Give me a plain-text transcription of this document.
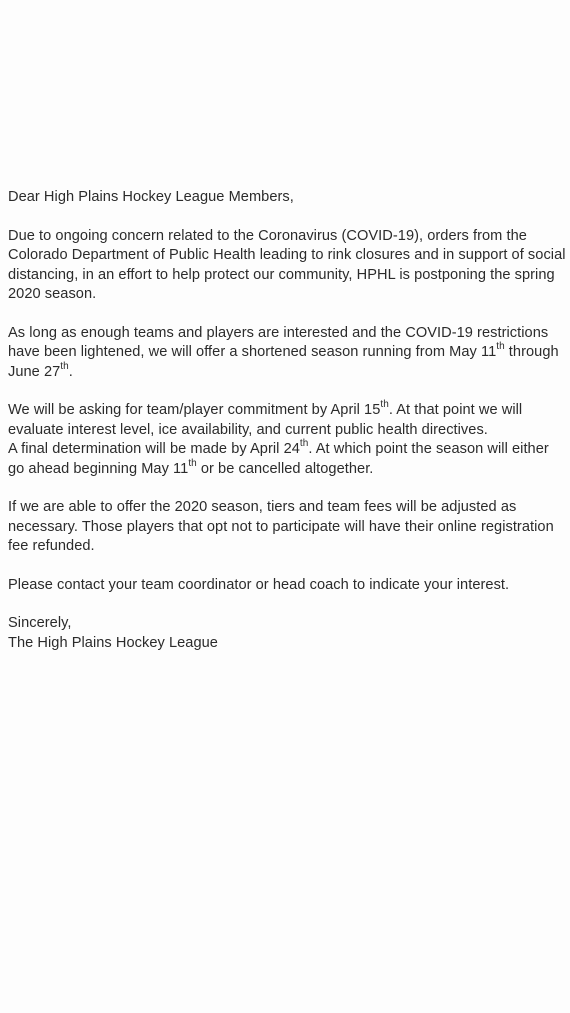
Dear High Plains Hockey League Members,

Due to ongoing concern related to the Coronavirus (COVID-19), orders from the Colorado Department of Public Health leading to rink closures and in support of social distancing, in an effort to help protect our community, HPHL is postponing the spring 2020 season.

As long as enough teams and players are interested and the COVID-19 restrictions have been lightened, we will offer a shortened season running from May 11th through June 27th.

We will be asking for team/player commitment by April 15th. At that point we will evaluate interest level, ice availability, and current public health directives.

A final determination will be made by April 24th. At which point the season will either go ahead beginning May 11th or be cancelled altogether.

If we are able to offer the 2020 season, tiers and team fees will be adjusted as necessary. Those players that opt not to participate will have their online registration fee refunded.

Please contact your team coordinator or head coach to indicate your interest.

Sincerely,

The High Plains Hockey League
